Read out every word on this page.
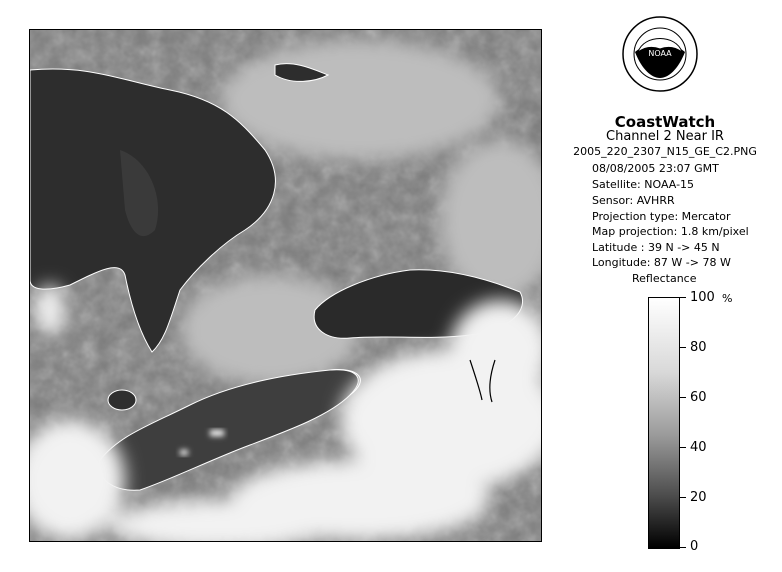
NOAA
CoastWatch
Channel 2 Near IR
2005_220_2307_N15_GE_C2.PNG
08/08/2005 23:07 GMT
Satellite: NOAA-15
Sensor: AVHRR
Projection type: Mercator
Map projection: 1.8 km/pixel
Latitude : 39 N -> 45 N
Longitude: 87 W -> 78 W
Reflectance
%
100
80
60
40
20
0
